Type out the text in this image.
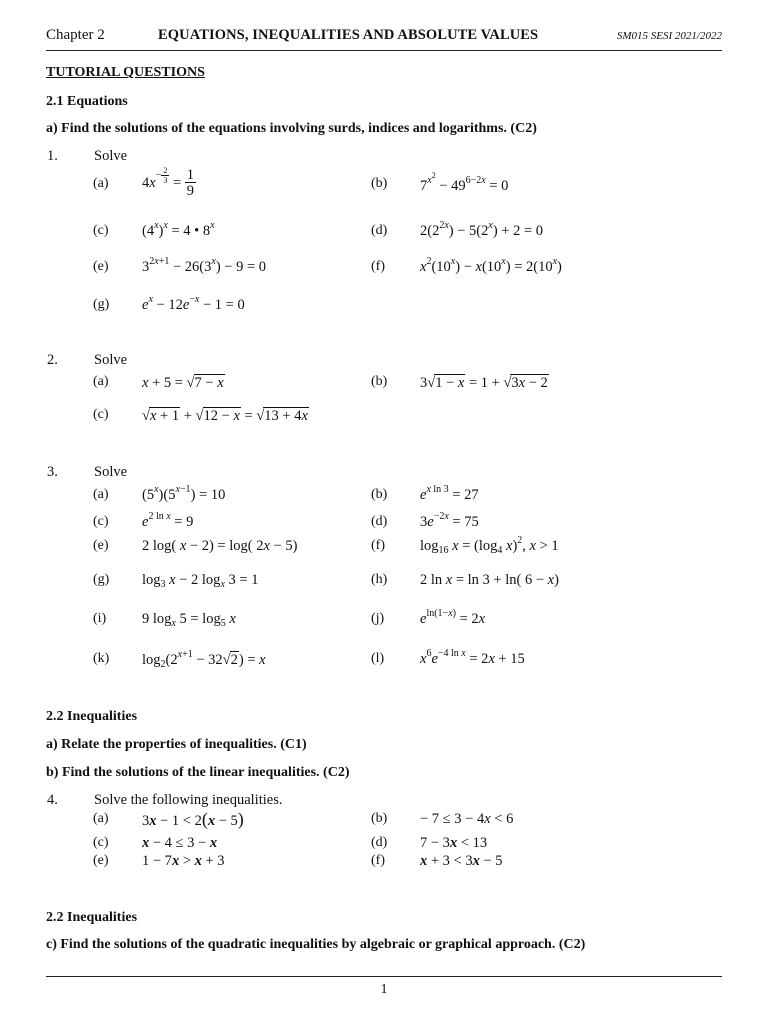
Chapter 2	EQUATIONS, INEQUALITIES AND ABSOLUTE VALUES	SM015 SESI 2021/2022
TUTORIAL QUESTIONS
2.1 Equations
a) Find the solutions of the equations involving surds, indices and logarithms. (C2)
1. Solve
(a) $4x^{- \frac{2}{3}} = \frac{1}{9}$	(b) $7^{x^2} - 49^{6-2x} = 0$
(c) $(4^x)^x = 4$ • 8$^x$	(d) $2(2^{2x}) - 5(2^x) + 2 = 0$
(e) $3^{2x+1} - 26(3^x) - 9 = 0$	(f) $x^2(10^x) - x(10^x) = 2(10^x)$
(g) $e^x - 12e^{-x} - 1 = 0$
2. Solve
(a) x + 5 = √7 − x	(b) 3√1 − x = 1 + √3x − 2
(c) √x + 1 + √12 − x = √13 + 4x
3. Solve
(a) $(5^x)(5^{x-1}) = 10$	(b) $e^{x ln 3} = 27$
(c) $e^{2 ln x} = 9$	(d) $3e^{-2x} = 75$
(e) 2 log( x − 2) = log( 2x − 5)	(f) $\log_{16} x = (\log_4$ x)$^2$, x > 1
(g) $\log_3 x - 2$ $\log_x 3 = 1$	(h) 2 ln x = ln 3 + ln( 6 − x)
(i) 9 $\log_x 5 = \log_5 x$	(j) $e^{ln(1-x)} = 2x$
(k) $\log_2(2^{x+1} - 32√2) = x$	(l) $x^6e^{-4 ln x} = 2x + 15$
2.2 Inequalities
a) Relate the properties of inequalities. (C1)
b) Find the solutions of the linear inequalities. (C2)
4. Solve the following inequalities.
(a) 3x − 1 < 2(x − 5)	(b) − 7 ≤ 3 − 4x < 6
(c) x − 4 ≤ 3 − x	(d) 7 − 3x < 13
(e) 1 − 7x > x + 3	(f) x + 3 < 3x − 5
2.2 Inequalities
c) Find the solutions of the quadratic inequalities by algebraic or graphical approach. (C2)
1
